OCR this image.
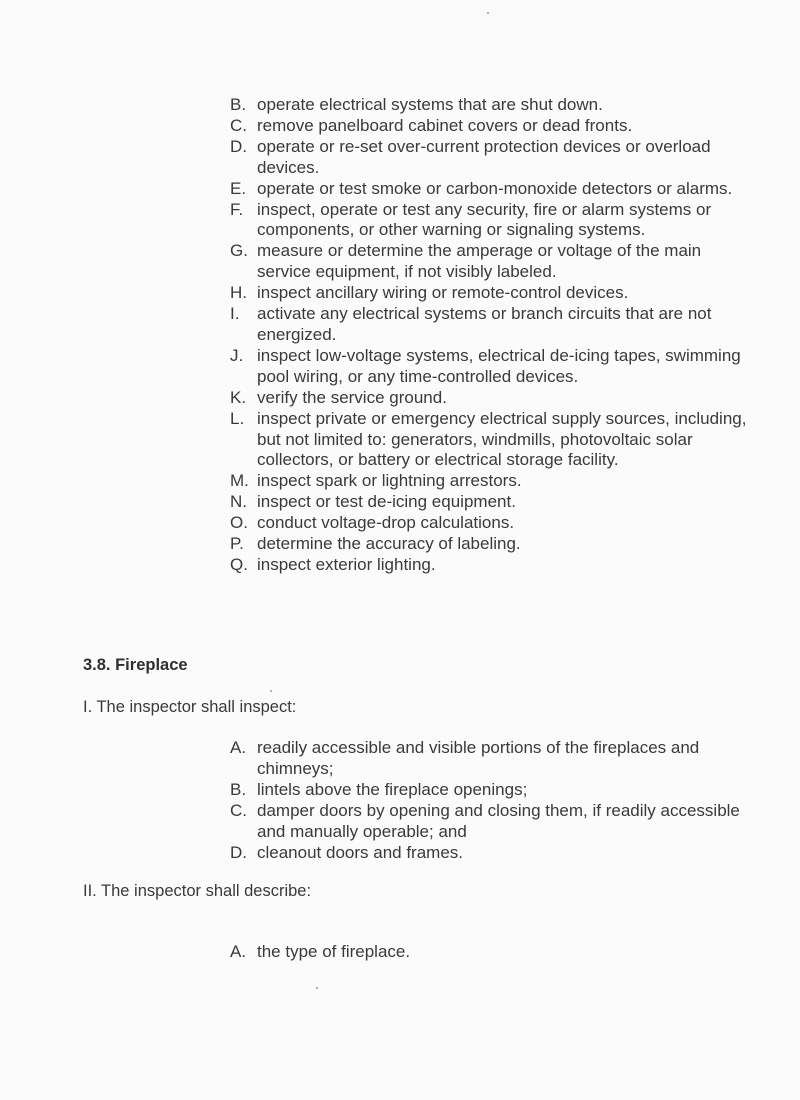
B. operate electrical systems that are shut down.
C. remove panelboard cabinet covers or dead fronts.
D. operate or re-set over-current protection devices or overload devices.
E. operate or test smoke or carbon-monoxide detectors or alarms.
F. inspect, operate or test any security, fire or alarm systems or components, or other warning or signaling systems.
G. measure or determine the amperage or voltage of the main service equipment, if not visibly labeled.
H. inspect ancillary wiring or remote-control devices.
I.	activate any electrical systems or branch circuits that are not energized.
J. inspect low-voltage systems, electrical de-icing tapes, swimming pool wiring, or any time-controlled devices.
K. verify the service ground.
L. inspect private or emergency electrical supply sources, including, but not limited to: generators, windmills, photovoltaic solar collectors, or battery or electrical storage facility.
M. inspect spark or lightning arrestors.
N. inspect or test de-icing equipment.
O. conduct voltage-drop calculations.
P. determine the accuracy of labeling.
Q. inspect exterior lighting.
3.8. Fireplace
I. The inspector shall inspect:
A. readily accessible and visible portions of the fireplaces and chimneys;
B. lintels above the fireplace openings;
C. damper doors by opening and closing them, if readily accessible and manually operable; and
D. cleanout doors and frames.
II. The inspector shall describe:
A. the type of fireplace.
